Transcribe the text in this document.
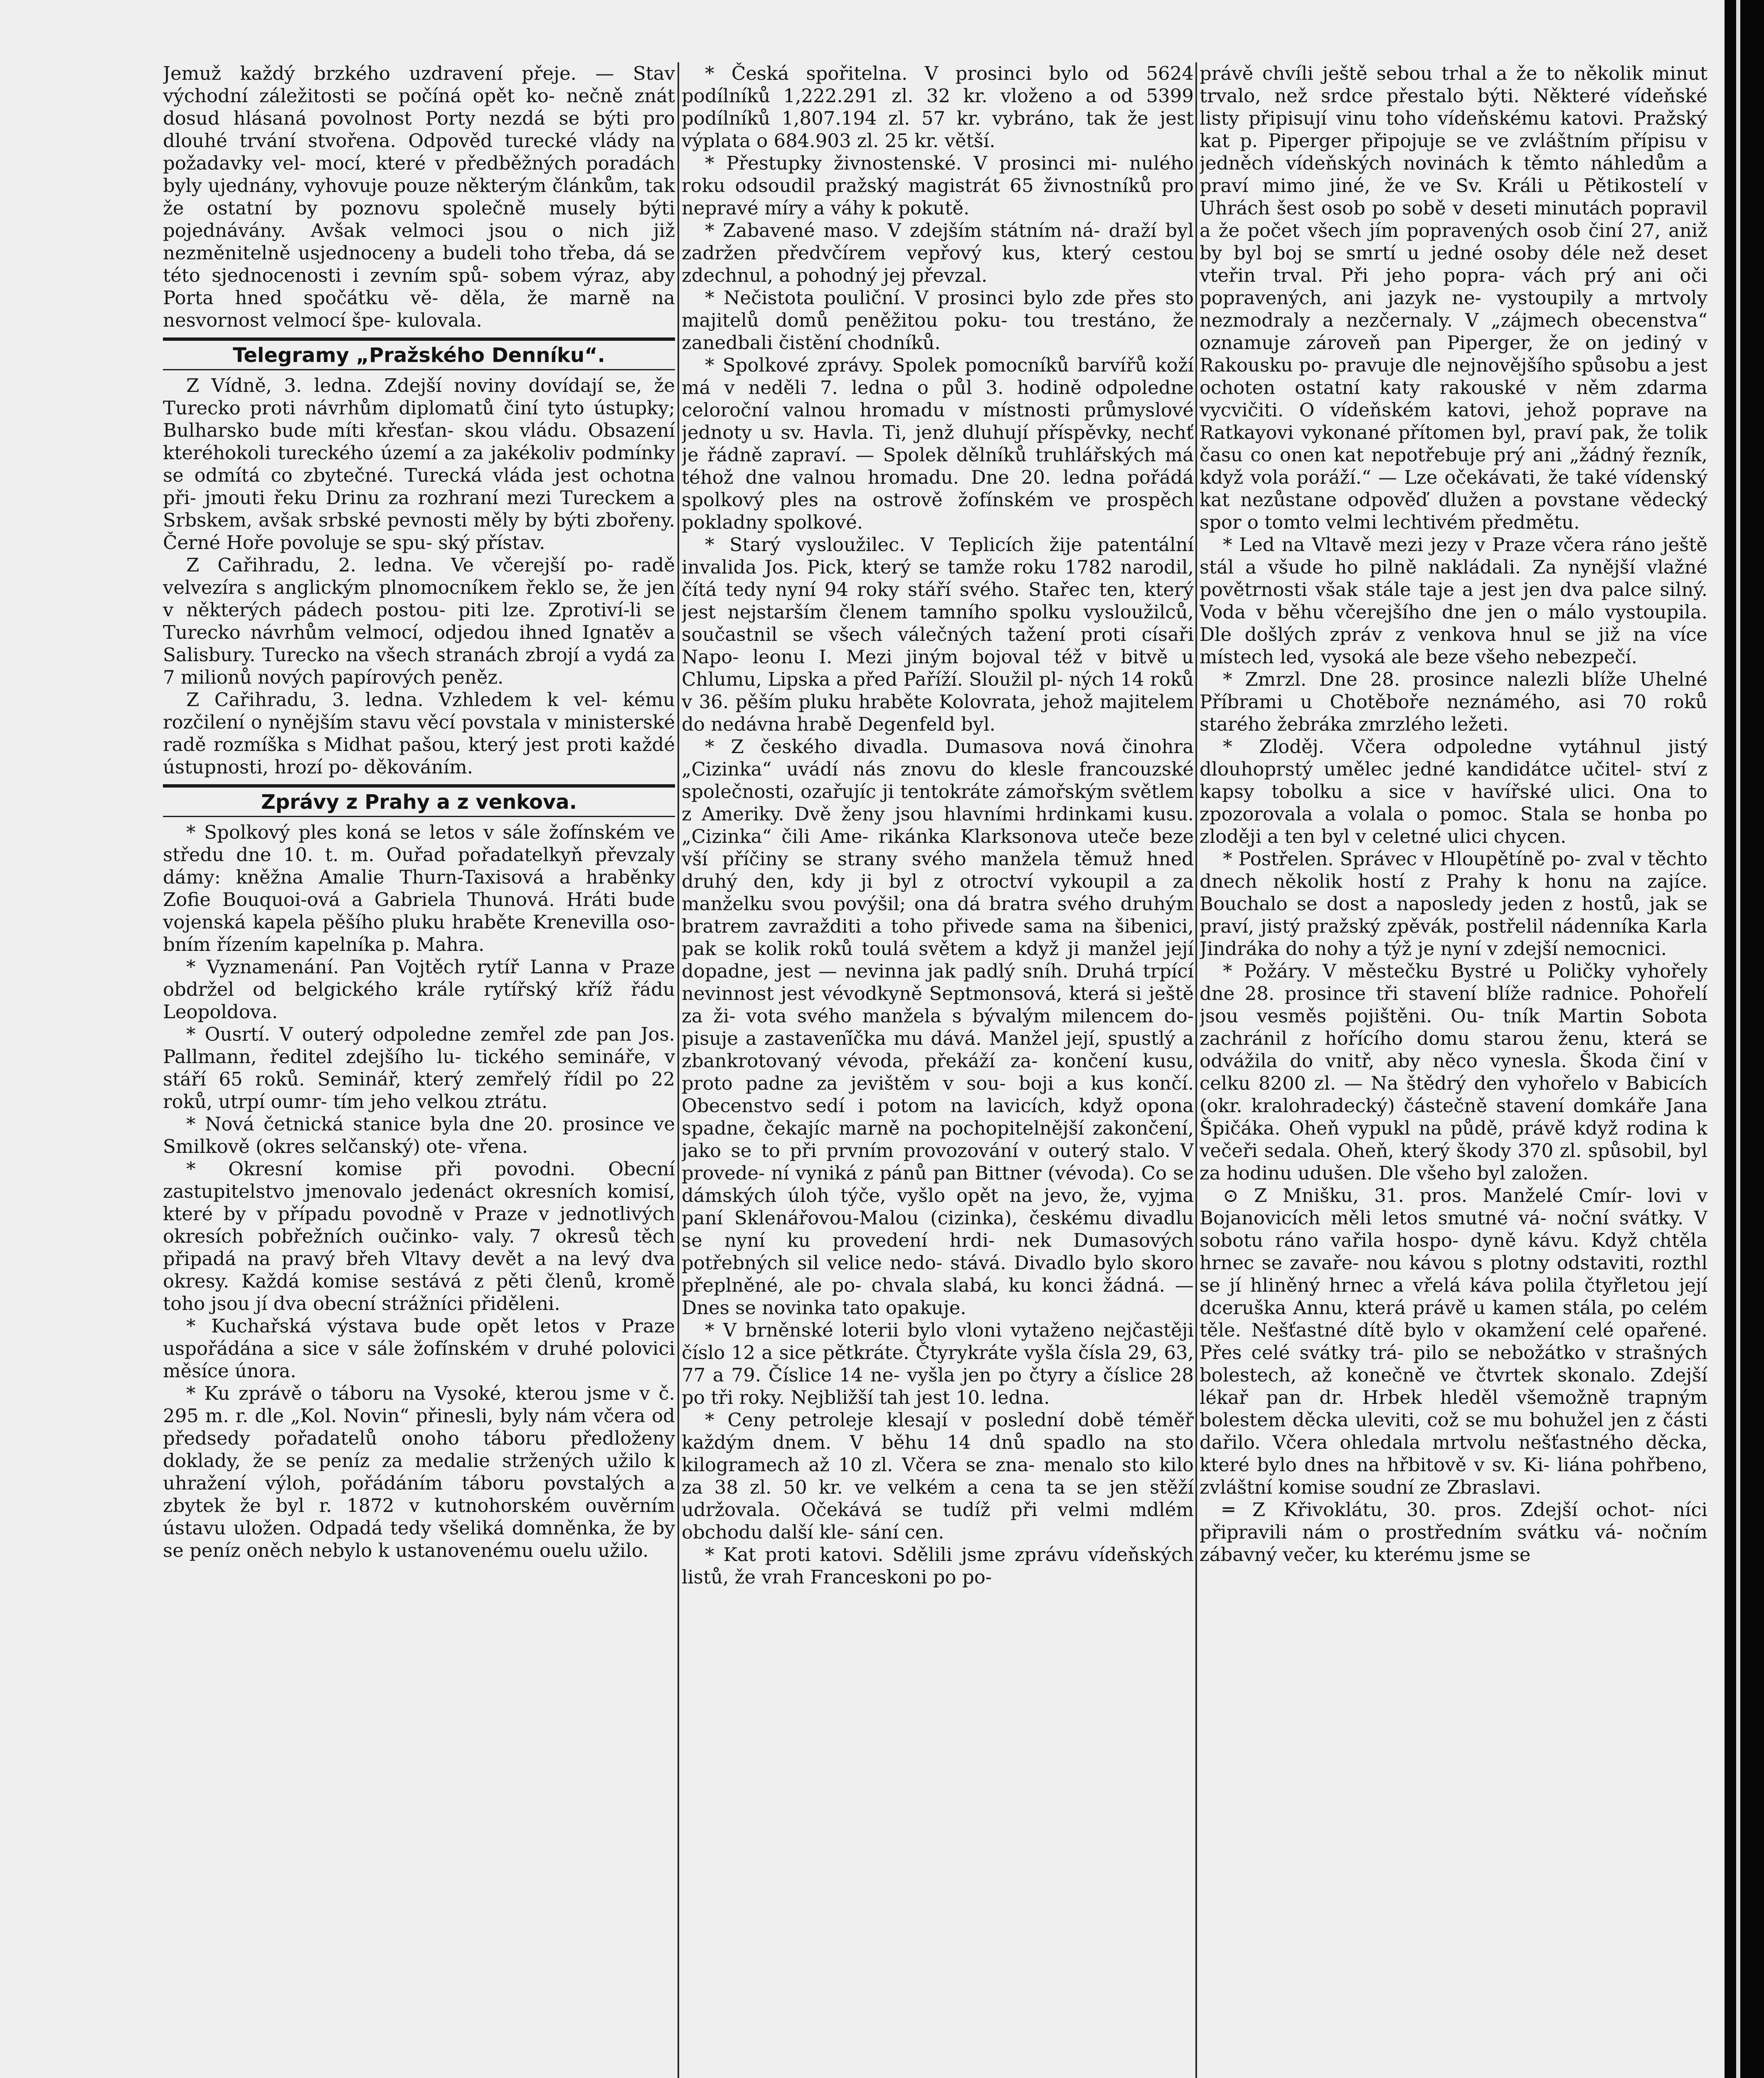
Jemuž každý brzkého uzdravení přeje. — Stav východní záležitosti se počíná opět ko- nečně znát dosud hlásaná povolnost Porty nezdá se býti pro dlouhé trvání stvořena. Odpověd turecké vlády na požadavky vel- mocí, které v předběžných poradách byly ujednány, vyhovuje pouze některým článkům, tak že ostatní by poznovu společně musely býti pojednávány. Avšak velmoci jsou o nich již nezměnitelně usjednoceny a budeli toho třeba, dá se této sjednocenosti i zevním spů- sobem výraz, aby Porta hned spočátku vě- děla, že marně na nesvornost velmocí špe- kulovala.

Telegramy „Pražského Denníku“.

Z Vídně, 3. ledna. Zdejší noviny dovídají se, že Turecko proti návrhům diplomatů činí tyto ústupky; Bulharsko bude míti křesťan- skou vládu. Obsazení kteréhokoli tureckého území a za jakékoliv podmínky se odmítá co zbytečné. Turecká vláda jest ochotna při- jmouti řeku Drinu za rozhraní mezi Tureckem a Srbskem, avšak srbské pevnosti měly by býti zbořeny. Černé Hoře povoluje se spu- ský přístav.

Z Cařihradu, 2. ledna. Ve včerejší po- radě velvezíra s anglickým plnomocníkem řeklo se, že jen v některých pádech postou- piti lze. Zprotiví-li se Turecko návrhům velmocí, odjedou ihned Ignatěv a Salisbury. Turecko na všech stranách zbrojí a vydá za 7 milionů nových papírových peněz.

Z Cařihradu, 3. ledna. Vzhledem k vel- kému rozčilení o nynějším stavu věcí povstala v ministerské radě rozmíška s Midhat pašou, který jest proti každé ústupnosti, hrozí po- děkováním.

Zprávy z Prahy a z venkova.

* Spolkový ples koná se letos v sále žofínském ve středu dne 10. t. m. Ouřad pořadatelkyň převzaly dámy: kněžna Amalie Thurn-Taxisová a hraběnky Zofie Bouquoi-ová a Gabriela Thunová. Hráti bude vojenská kapela pěšího pluku hraběte Krenevilla oso- bním řízením kapelníka p. Mahra.

* Vyznamenání. Pan Vojtěch rytíř Lanna v Praze obdržel od belgického krále rytířský kříž řádu Leopoldova.

* Ousrtí. V outerý odpoledne zemřel zde pan Jos. Pallmann, ředitel zdejšího lu- tického semináře, v stáří 65 roků. Seminář, který zemřelý řídil po 22 roků, utrpí oumr- tím jeho velkou ztrátu.

* Nová četnická stanice byla dne 20. prosince ve Smilkově (okres selčanský) ote- vřena.

* Okresní komise při povodni. Obecní zastupitelstvo jmenovalo jedenáct okresních komisí, které by v případu povodně v Praze v jednotlivých okresích pobřežních oučinko- valy. 7 okresů těch připadá na pravý břeh Vltavy devět a na levý dva okresy. Každá komise sestává z pěti členů, kromě toho jsou jí dva obecní strážníci přiděleni.

* Kuchařská výstava bude opět letos v Praze uspořádána a sice v sále žofínském v druhé polovici měsíce února.

* Ku zprávě o táboru na Vysoké, kterou jsme v č. 295 m. r. dle „Kol. Novin“ přinesli, byly nám včera od předsedy pořadatelů onoho táboru předloženy doklady, že se peníz za medalie stržených užilo k uhražení výloh, pořádáním táboru povstalých a zbytek že byl r. 1872 v kutnohorském ouvěrním ústavu uložen. Odpadá tedy všeliká domněnka, že by se peníz oněch nebylo k ustanovenému ouelu užilo.

* Česká spořitelna. V prosinci bylo od 5624 podílníků 1,222.291 zl. 32 kr. vloženo a od 5399 podílníků 1,807.194 zl. 57 kr. vybráno, tak že jest výplata o 684.903 zl. 25 kr. větší.

* Přestupky živnostenské. V prosinci mi- nulého roku odsoudil pražský magistrát 65 živnostníků pro nepravé míry a váhy k pokutě.

* Zabavené maso. V zdejším státním ná- draží byl zadržen předvčírem vepřový kus, který cestou zdechnul, a pohodný jej převzal.

* Nečistota pouliční. V prosinci bylo zde přes sto majitelů domů peněžitou poku- tou trestáno, že zanedbali čistění chodníků.

* Spolkové zprávy. Spolek pomocníků barvířů koží má v neděli 7. ledna o půl 3. hodině odpoledne celoroční valnou hromadu v místnosti průmyslové jednoty u sv. Havla. Ti, jenž dluhují příspěvky, nechť je řádně zapraví. — Spolek dělníků truhlářských má téhož dne valnou hromadu. Dne 20. ledna pořádá spolkový ples na ostrově žofínském ve prospěch pokladny spolkové.

* Starý vysloužilec. V Teplicích žije patentální invalida Jos. Pick, který se tamže roku 1782 narodil, čítá tedy nyní 94 roky stáří svého. Stařec ten, který jest nejstarším členem tamního spolku vysloužilců, součastnil se všech válečných tažení proti císaři Napo- leonu I. Mezi jiným bojoval též v bitvě u Chlumu, Lipska a před Paříží. Sloužil pl- ných 14 roků v 36. pěším pluku hraběte Kolovrata, jehož majitelem do nedávna hrabě Degenfeld byl.

* Z českého divadla. Dumasova nová činohra „Cizinka“ uvádí nás znovu do klesle francouzské společnosti, ozařujíc ji tentokráte zámořským světlem z Ameriky. Dvě ženy jsou hlavními hrdinkami kusu. „Cizinka“ čili Ame- rikánka Klarksonova uteče beze vší příčiny se strany svého manžela těmuž hned druhý den, kdy ji byl z otroctví vykoupil a za manželku svou povýšil; ona dá bratra svého druhým bratrem zavražditi a toho přivede sama na šibenici, pak se kolik roků toulá světem a když ji manžel její dopadne, jest — nevinna jak padlý sníh. Druhá trpící nevinnost jest vévodkyně Septmonsová, která si ještě za ži- vota svého manžela s bývalým milencem do- pisuje a zastavení̃čka mu dává. Manžel její, spustlý a zbankrotovaný vévoda, překáží za- končení kusu, proto padne za jevištěm v sou- boji a kus končí. Obecenstvo sedí i potom na lavicích, když opona spadne, čekajíc marně na pochopitelnější zakončení, jako se to při prvním provozování v outerý stalo. V provede- ní vyniká z pánů pan Bittner (vévoda). Co se dámských úloh týče, vyšlo opět na jevo, že, vyjma paní Sklenářovou-Malou (cizinka), českému divadlu se nyní ku provedení hrdi- nek Dumasových potřebných sil velice nedo- stává. Divadlo bylo skoro přeplněné, ale po- chvala slabá, ku konci žádná. — Dnes se novinka tato opakuje.

* V brněnské loterii bylo vloni vytaženo nejčastěji číslo 12 a sice pětkráte. Čtyrykráte vyšla čísla 29, 63, 77 a 79. Číslice 14 ne- vyšla jen po čtyry a číslice 28 po tři roky. Nejbližší tah jest 10. ledna.

* Ceny petroleje klesají v poslední době téměř každým dnem. V běhu 14 dnů spadlo na sto kilogramech až 10 zl. Včera se zna- menalo sto kilo za 38 zl. 50 kr. ve velkém a cena ta se jen stěží udržovala. Očekává se tudíž při velmi mdlém obchodu další kle- sání cen.

* Kat proti katovi. Sdělili jsme zprávu vídeňských listů, že vrah Franceskoni po po-

právě chvíli ještě sebou trhal a že to několik minut trvalo, než srdce přestalo býti. Některé vídeňské listy připisují vinu toho vídeňskému katovi. Pražský kat p. Piperger připojuje se ve zvláštním přípisu v jedněch vídeňských novinách k těmto náhledům a praví mimo jiné, že ve Sv. Králi u Pětikostelí v Uhrách šest osob po sobě v deseti minutách popravil a že počet všech jím popravených osob činí 27, aniž by byl boj se smrtí u jedné osoby déle než deset vteřin trval. Při jeho popra- vách prý ani oči popravených, ani jazyk ne- vystoupily a mrtvoly nezmodraly a nezčernaly. V „zájmech obecenstva“ oznamuje zároveň pan Piperger, že on jediný v Rakousku po- pravuje dle nejnovějšího spůsobu a jest ochoten ostatní katy rakouské v něm zdarma vycvičiti. O vídeňském katovi, jehož poprave na Ratkayovi vykonané přítomen byl, praví pak, že tolik času co onen kat nepotřebuje prý ani „žádný řezník, když vola poráží.“ — Lze očekávati, že také vídenský kat nezůstane odpověď dlužen a povstane vědecký spor o tomto velmi lechtivém předmětu.

* Led na Vltavě mezi jezy v Praze včera ráno ještě stál a všude ho pilně nakládali. Za nynější vlažné povětrnosti však stále taje a jest jen dva palce silný. Voda v běhu včerejšího dne jen o málo vystoupila. Dle došlých zpráv z venkova hnul se již na více místech led, vysoká ale beze všeho nebezpečí.

* Zmrzl. Dne 28. prosince nalezli blíže Uhelné Příbrami u Chotěboře neznámého, asi 70 roků starého žebráka zmrzlého ležeti.

* Zloděj. Včera odpoledne vytáhnul jistý dlouhoprstý umělec jedné kandidátce učitel- ství z kapsy tobolku a sice v havířské ulici. Ona to zpozorovala a volala o pomoc. Stala se honba po zloději a ten byl v celetné ulici chycen.

* Postřelen. Správec v Hloupětíně po- zval v těchto dnech několik hostí z Prahy k honu na zajíce. Bouchalo se dost a naposledy jeden z hostů, jak se praví, jistý pražský zpěvák, postřelil nádenníka Karla Jindráka do nohy a týž je nyní v zdejší nemocnici.

* Požáry. V městečku Bystré u Poličky vyhořely dne 28. prosince tři stavení blíže radnice. Pohořelí jsou vesměs pojištěni. Ou- tník Martin Sobota zachránil z hořícího domu starou ženu, která se odvážila do vnitř, aby něco vynesla. Škoda činí v celku 8200 zl. — Na štědrý den vyhořelo v Babicích (okr. kralohradecký) částečně stavení domkáře Jana Špičáka. Oheň vypukl na půdě, právě když rodina k večeři sedala. Oheň, který škody 370 zl. spůsobil, byl za hodinu udušen. Dle všeho byl založen.

⊙ Z Mnišku, 31. pros. Manželé Cmír- lovi v Bojanovicích měli letos smutné vá- noční svátky. V sobotu ráno vařila hospo- dyně kávu. Když chtěla hrnec se zavaře- nou kávou s plotny odstaviti, rozthl se jí hliněný hrnec a vřelá káva polila čtyřletou její dceruška Annu, která právě u kamen stála, po celém těle. Nešťastné dítě bylo v okamžení celé opařené. Přes celé svátky trá- pilo se nebožátko v strašných bolestech, až konečně ve čtvrtek skonalo. Zdejší lékař pan dr. Hrbek hleděl všemožně trapným bolestem děcka uleviti, což se mu bohužel jen z části dařilo. Včera ohledala mrtvolu nešťastného děcka, které bylo dnes na hřbitově v sv. Ki- liána pohřbeno, zvláštní komise soudní ze Zbraslavi.

═ Z Křivoklátu, 30. pros. Zdejší ochot- níci připravili nám o prostředním svátku vá- nočním zábavný večer, ku kterému jsme se
